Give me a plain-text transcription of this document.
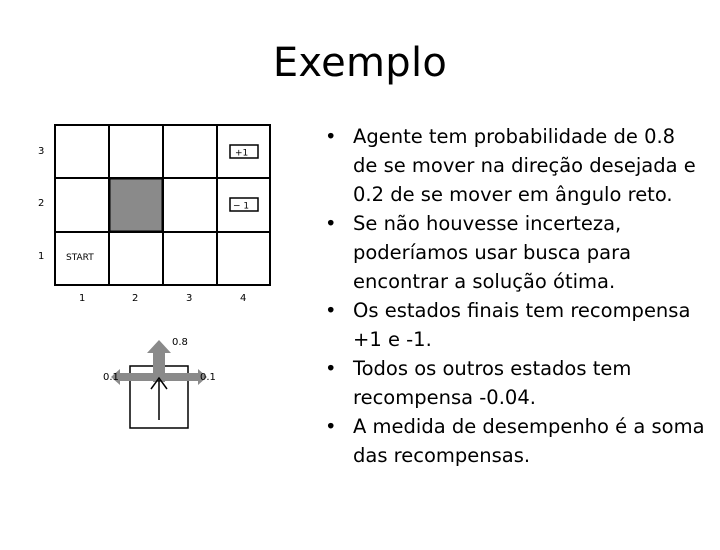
Exemplo
3
2
1
+1
− 1
START
1	2	3	4
0.8
0.1	0.1
• Agente tem probabilidade de 0.8 de se mover na direção desejada e 0.2 de se mover em ângulo reto.
• Se não houvesse incerteza, poderíamos usar busca para encontrar a solução ótima.
• Os estados finais tem recompensa +1 e -1.
• Todos os outros estados tem recompensa -0.04.
• A medida de desempenho é a soma das recompensas.
